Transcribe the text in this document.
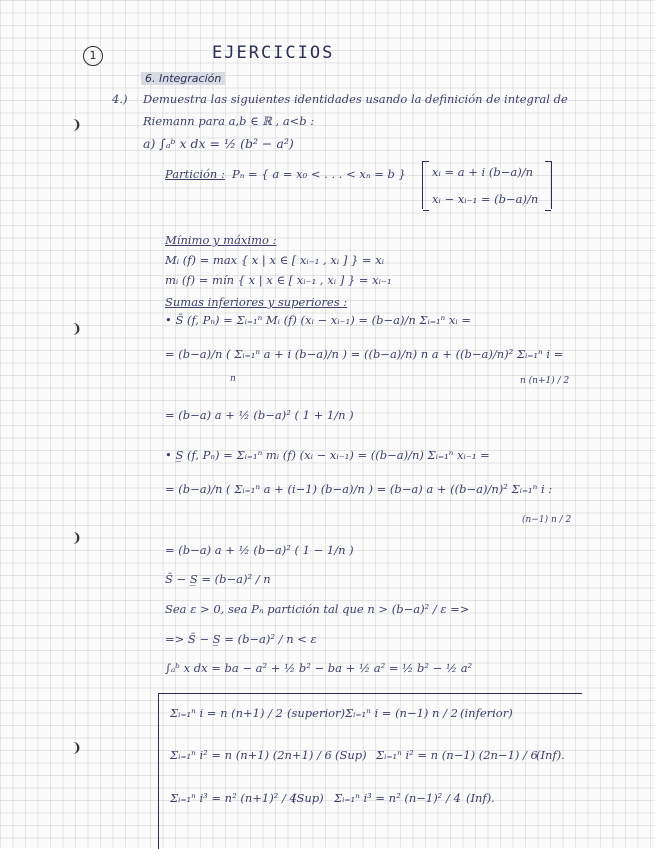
❩
❩
❩
❩
1	EJERCICIOS
6. Integración
4.) Demuestra las siguientes identidades usando la definición de integral de
Riemann para a,b ∈ ℝ , a<b :
a) ∫ₐᵇ x dx = ½ (b² − a²)
Partición : Pₙ = { a = x₀ < . . . < xₙ = b } xᵢ = a + i (b−a)/n
xᵢ − xᵢ₋₁ = (b−a)/n
Mínimo y máximo :
Mᵢ (f) = max { x | x ∈ [ xᵢ₋₁ , xᵢ ] } = xᵢ
mᵢ (f) = mín { x | x ∈ [ xᵢ₋₁ , xᵢ ] } = xᵢ₋₁
Sumas inferiores y superiores :
• S̄ (f, Pₙ) = Σᵢ₌₁ⁿ Mᵢ (f) (xᵢ − xᵢ₋₁) = (b−a)/n Σᵢ₌₁ⁿ xᵢ =
= (b−a)/n ( Σᵢ₌₁ⁿ a + i (b−a)/n ) = ((b−a)/n) n a + ((b−a)/n)² Σᵢ₌₁ⁿ i =
n (n+1) / 2
n
= (b−a) a + ½ (b−a)² ( 1 + 1/n )
• S̲ (f, Pₙ) = Σᵢ₌₁ⁿ mᵢ (f) (xᵢ − xᵢ₋₁) = ((b−a)/n) Σᵢ₌₁ⁿ xᵢ₋₁ =
= (b−a)/n ( Σᵢ₌₁ⁿ a + (i−1) (b−a)/n ) = (b−a) a + ((b−a)/n)² Σᵢ₌₁ⁿ i :
(n−1) n / 2
= (b−a) a + ½ (b−a)² ( 1 − 1/n )
S̄ − S̲ = (b−a)² / n
Sea ε > 0, sea Pₙ partición tal que n > (b−a)² / ε =>
=> S̄ − S̲ = (b−a)² / n < ε
∫ₐᵇ x dx = ba − a² + ½ b² − ba + ½ a² = ½ b² − ½ a²
Σᵢ₌₁ⁿ i = n (n+1) / 2 (superior) Σᵢ₌₁ⁿ i = (n−1) n / 2 (inferior)
Σᵢ₌₁ⁿ i² = n (n+1) (2n+1) / 6 (Sup) Σᵢ₌₁ⁿ i² = n (n−1) (2n−1) / 6
(Inf).
Σᵢ₌₁ⁿ i³ = n² (n+1)² / 4
(Sup) Σᵢ₌₁ⁿ i³ = n² (n−1)² / 4 (Inf).
